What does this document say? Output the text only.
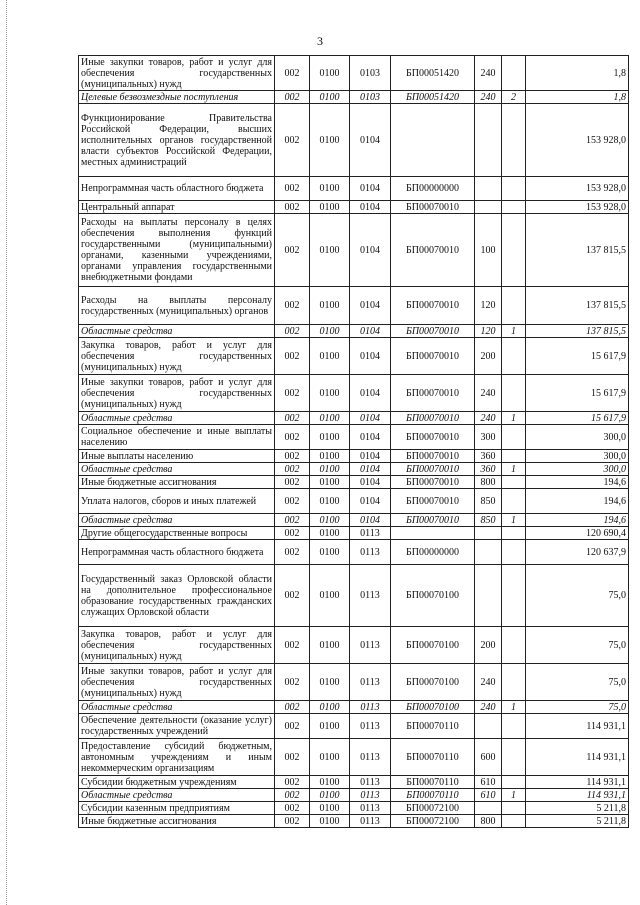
3
Иные закупки товаров, работ и услуг для обеспечения государственных (муниципальных) нужд	002	0100	0103	БП00051420	240		1,8
Целевые безвозмездные поступления	002	0100	0103	БП00051420	240	2	1,8
Функционирование Правительства Российской Федерации, высших исполнительных органов государственной власти субъектов Российской Федерации, местных администраций	002	0100	0104				153 928,0
Непрограммная часть областного бюджета	002	0100	0104	БП00000000			153 928,0
Центральный аппарат	002	0100	0104	БП00070010			153 928,0
Расходы на выплаты персоналу в целях обеспечения выполнения функций государственными (муниципальными) органами, казенными учреждениями, органами управления государственными внебюджетными фондами	002	0100	0104	БП00070010	100		137 815,5
Расходы на выплаты персоналу государственных (муниципальных) органов	002	0100	0104	БП00070010	120		137 815,5
Областные средства	002	0100	0104	БП00070010	120	1	137 815,5
Закупка товаров, работ и услуг для обеспечения государственных (муниципальных) нужд	002	0100	0104	БП00070010	200		15 617,9
Иные закупки товаров, работ и услуг для обеспечения государственных (муниципальных) нужд	002	0100	0104	БП00070010	240		15 617,9
Областные средства	002	0100	0104	БП00070010	240	1	15 617,9
Социальное обеспечение и иные выплаты населению	002	0100	0104	БП00070010	300		300,0
Иные выплаты населению	002	0100	0104	БП00070010	360		300,0
Областные средства	002	0100	0104	БП00070010	360	1	300,0
Иные бюджетные ассигнования	002	0100	0104	БП00070010	800		194,6
Уплата налогов, сборов и иных платежей	002	0100	0104	БП00070010	850		194,6
Областные средства	002	0100	0104	БП00070010	850	1	194,6
Другие общегосударственные вопросы	002	0100	0113				120 690,4
Непрограммная часть областного бюджета	002	0100	0113	БП00000000			120 637,9
Государственный заказ Орловской области на дополнительное профессиональное образование государственных гражданских служащих Орловской области	002	0100	0113	БП00070100			75,0
Закупка товаров, работ и услуг для обеспечения государственных (муниципальных) нужд	002	0100	0113	БП00070100	200		75,0
Иные закупки товаров, работ и услуг для обеспечения государственных (муниципальных) нужд	002	0100	0113	БП00070100	240		75,0
Областные средства	002	0100	0113	БП00070100	240	1	75,0
Обеспечение деятельности (оказание услуг) государственных учреждений	002	0100	0113	БП00070110			114 931,1
Предоставление субсидий бюджетным, автономным учреждениям и иным некоммерческим организациям	002	0100	0113	БП00070110	600		114 931,1
Субсидии бюджетным учреждениям	002	0100	0113	БП00070110	610		114 931,1
Областные средства	002	0100	0113	БП00070110	610	1	114 931,1
Субсидии казенным предприятиям	002	0100	0113	БП00072100			5 211,8
Иные бюджетные ассигнования	002	0100	0113	БП00072100	800		5 211,8
